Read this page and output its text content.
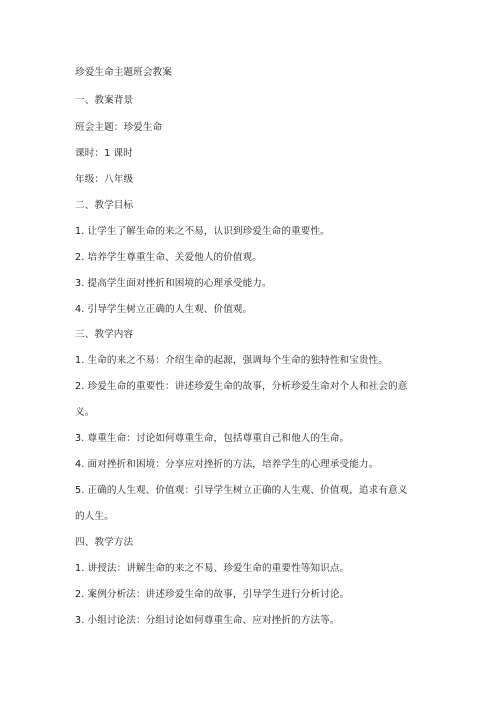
珍爱生命主题班会教案
一、教案背景
班会主题：珍爱生命
课时：1 课时
年级：八年级
二、教学目标
1. 让学生了解生命的来之不易，认识到珍爱生命的重要性。
2. 培养学生尊重生命、关爱他人的价值观。
3. 提高学生面对挫折和困境的心理承受能力。
4. 引导学生树立正确的人生观、价值观。
三、教学内容
1. 生命的来之不易：介绍生命的起源，强调每个生命的独特性和宝贵性。
2. 珍爱生命的重要性：讲述珍爱生命的故事，分析珍爱生命对个人和社会的意
义。
3. 尊重生命：讨论如何尊重生命，包括尊重自己和他人的生命。
4. 面对挫折和困境：分享应对挫折的方法，培养学生的心理承受能力。
5. 正确的人生观、价值观：引导学生树立正确的人生观、价值观，追求有意义
的人生。
四、教学方法
1. 讲授法：讲解生命的来之不易、珍爱生命的重要性等知识点。
2. 案例分析法：讲述珍爱生命的故事，引导学生进行分析讨论。
3. 小组讨论法：分组讨论如何尊重生命、应对挫折的方法等。
